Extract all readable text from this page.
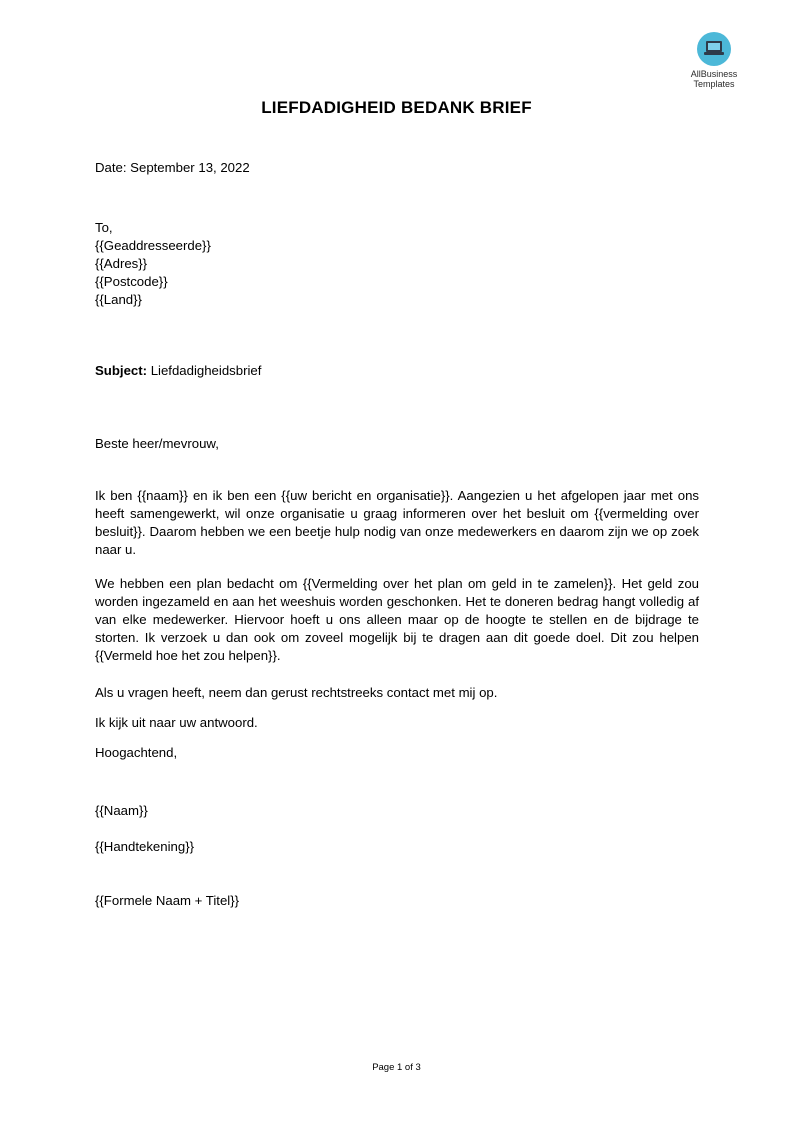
AllBusiness
Templates
LIEFDADIGHEID BEDANK BRIEF
Date: September 13, 2022
To,
{{Geaddresseerde}}
{{Adres}}
{{Postcode}}
{{Land}}
Subject: Liefdadigheidsbrief
Beste heer/mevrouw,
Ik ben {{naam}} en ik ben een {{uw bericht en organisatie}}. Aangezien u het afgelopen jaar met ons heeft samengewerkt, wil onze organisatie u graag informeren over het besluit om {{vermelding over besluit}}. Daarom hebben we een beetje hulp nodig van onze medewerkers en daarom zijn we op zoek naar u.
We hebben een plan bedacht om {{Vermelding over het plan om geld in te zamelen}}. Het geld zou worden ingezameld en aan het weeshuis worden geschonken. Het te doneren bedrag hangt volledig af van elke medewerker. Hiervoor hoeft u ons alleen maar op de hoogte te stellen en de bijdrage te storten. Ik verzoek u dan ook om zoveel mogelijk bij te dragen aan dit goede doel. Dit zou helpen {{Vermeld hoe het zou helpen}}.
Als u vragen heeft, neem dan gerust rechtstreeks contact met mij op.
Ik kijk uit naar uw antwoord.
Hoogachtend,
{{Naam}}
{{Handtekening}}
{{Formele Naam + Titel}}
Page 1 of 3
